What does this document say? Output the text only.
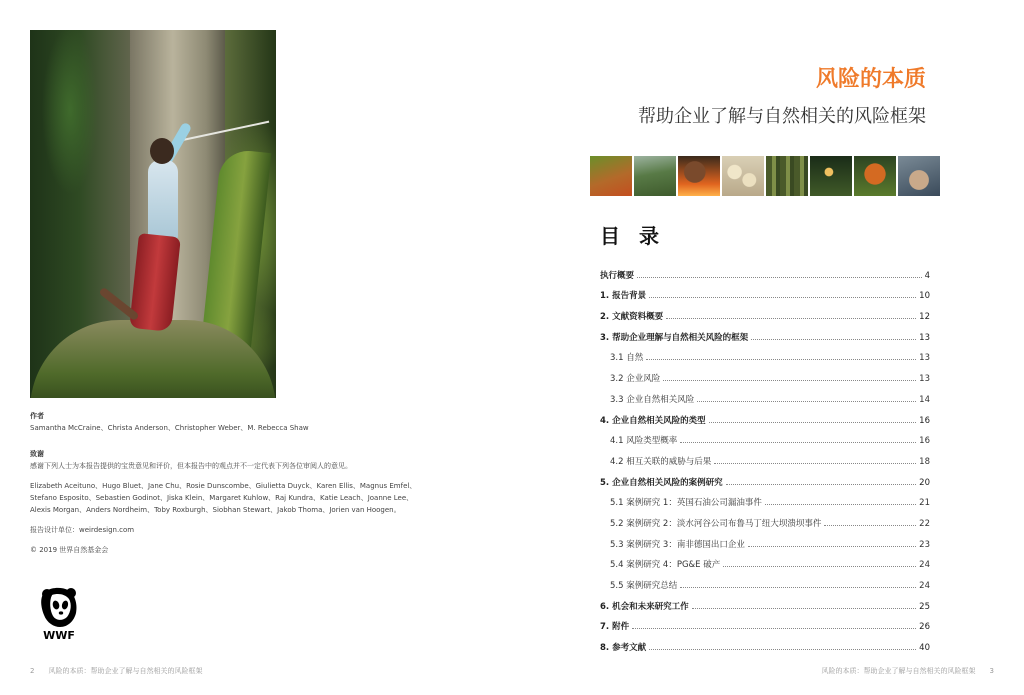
作者

Samantha McCraine、Christa Anderson、Christopher Weber、M. Rebecca Shaw

致谢

感谢下列人士为本报告提供的宝贵意见和评价，但本报告中的观点并不一定代表下列各位审阅人的意见。

Elizabeth Aceituno、Hugo Bluet、Jane Chu、Rosie Dunscombe、Giulietta Duyck、Karen Ellis、Magnus Emfel、Stefano Esposito、Sebastien Godinot、Jiska Klein、Margaret Kuhlow、Raj Kundra、Katie Leach、Joanne Lee、Alexis Morgan、Anders Nordheim、Toby Roxburgh、Siobhan Stewart、Jakob Thoma、Jorien van Hoogen。

报告设计单位：weirdesign.com

© 2019 世界自然基金会

WWF
2 风险的本质：帮助企业了解与自然相关的风险框架
风险的本质
帮助企业了解与自然相关的风险框架
目 录
执行概要	4
1. 报告背景	10
2. 文献资料概要	12
3. 帮助企业理解与自然相关风险的框架	13
3.1 自然	13
3.2 企业风险	13
3.3 企业自然相关风险	14
4. 企业自然相关风险的类型	16
4.1 风险类型概率	16
4.2 相互关联的威胁与后果	18
5. 企业自然相关风险的案例研究	20
5.1 案例研究 1：英国石油公司漏油事件	21
5.2 案例研究 2：淡水河谷公司布鲁马丁纽大坝溃坝事件	22
5.3 案例研究 3：南非德国出口企业	23
5.4 案例研究 4：PG&E 破产	24
5.5 案例研究总结	24
6. 机会和未来研究工作	25
7. 附件	26
8. 参考文献	40
风险的本质：帮助企业了解与自然相关的风险框架 3
